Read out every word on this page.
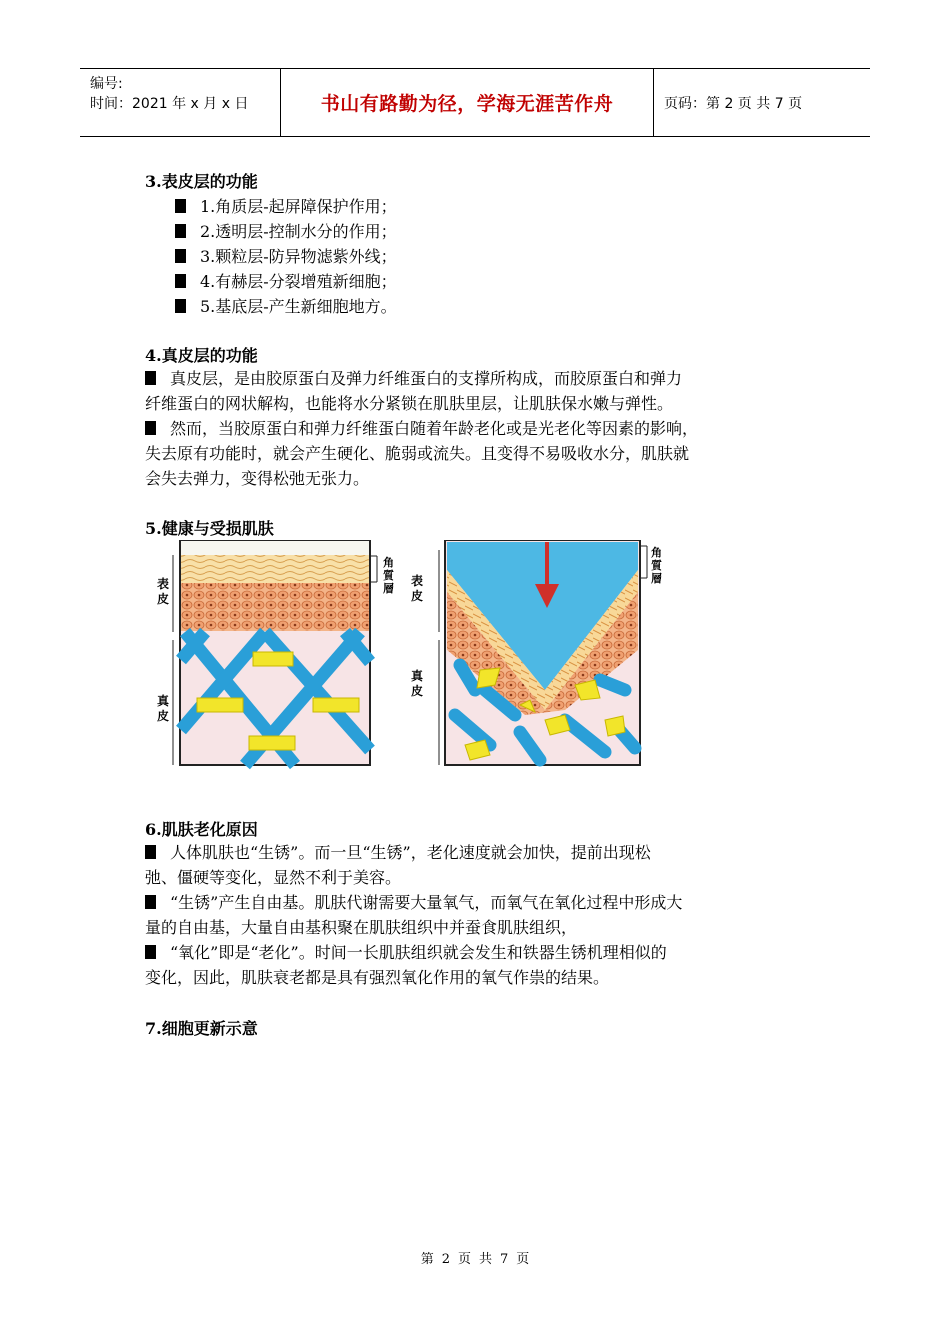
编号:
时间：2021 年 x 月 x 日	书山有路勤为径，学海无涯苦作舟	页码：第 2 页 共 7 页
3.表皮层的功能
1.角质层-起屏障保护作用；
2.透明层-控制水分的作用；
3.颗粒层-防异物滤紫外线；
4.有赫层-分裂增殖新细胞；
5.基底层-产生新细胞地方。
4.真皮层的功能
真皮层，是由胶原蛋白及弹力纤维蛋白的支撑所构成，而胶原蛋白和弹力
纤维蛋白的网状解构，也能将水分紧锁在肌肤里层，让肌肤保水嫩与弹性。
然而，当胶原蛋白和弹力纤维蛋白随着年龄老化或是光老化等因素的影响，
失去原有功能时，就会产生硬化、脆弱或流失。且变得不易吸收水分，肌肤就
会失去弹力，变得松弛无张力。
5.健康与受损肌肤
表
皮
真
皮
角
質
層
表
皮
真
皮
角
質
層
6.肌肤老化原因
人体肌肤也“生锈”。而一旦“生锈”，老化速度就会加快，提前出现松
弛、僵硬等变化，显然不利于美容。
“生锈”产生自由基。肌肤代谢需要大量氧气，而氧气在氧化过程中形成大
量的自由基，大量自由基积聚在肌肤组织中并蚕食肌肤组织，
“氧化”即是“老化”。时间一长肌肤组织就会发生和铁器生锈机理相似的
变化，因此，肌肤衰老都是具有强烈氧化作用的氧气作祟的结果。
7.细胞更新示意
第 2 页 共 7 页
